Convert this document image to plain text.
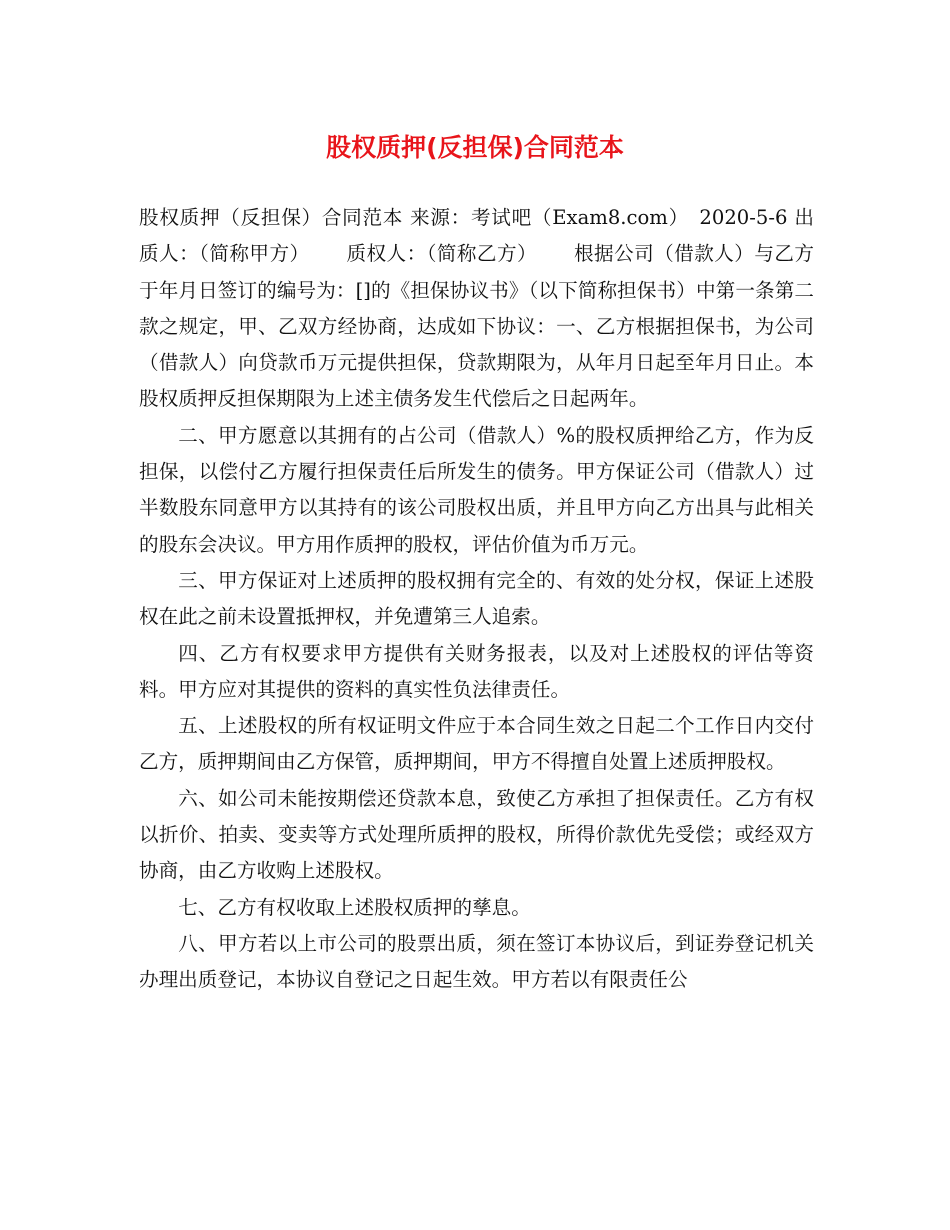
股权质押(反担保)合同范本

股权质押（反担保）合同范本 来源：考试吧（Exam8.com）　2020-5-6 出质人：（简称甲方）　　 质权人：（简称乙方）　　 根据公司（借款人）与乙方于年月日签订的编号为：[]的《担保协议书》（以下简称担保书）中第一条第二款之规定，甲、乙双方经协商，达成如下协议：一、乙方根据担保书，为公司（借款人）向贷款币万元提供担保，贷款期限为，从年月日起至年月日止。本股权质押反担保期限为上述主债务发生代偿后之日起两年。

二、甲方愿意以其拥有的占公司（借款人）%的股权质押给乙方，作为反担保，以偿付乙方履行担保责任后所发生的债务。甲方保证公司（借款人）过半数股东同意甲方以其持有的该公司股权出质，并且甲方向乙方出具与此相关的股东会决议。甲方用作质押的股权，评估价值为币万元。

三、甲方保证对上述质押的股权拥有完全的、有效的处分权，保证上述股权在此之前未设置抵押权，并免遭第三人追索。

四、乙方有权要求甲方提供有关财务报表，以及对上述股权的评估等资料。甲方应对其提供的资料的真实性负法律责任。

五、上述股权的所有权证明文件应于本合同生效之日起二个工作日内交付乙方，质押期间由乙方保管，质押期间，甲方不得擅自处置上述质押股权。

六、如公司未能按期偿还贷款本息，致使乙方承担了担保责任。乙方有权以折价、拍卖、变卖等方式处理所质押的股权，所得价款优先受偿；或经双方协商，由乙方收购上述股权。

七、乙方有权收取上述股权质押的孳息。

八、甲方若以上市公司的股票出质，须在签订本协议后，到证券登记机关办理出质登记，本协议自登记之日起生效。甲方若以有限责任公
